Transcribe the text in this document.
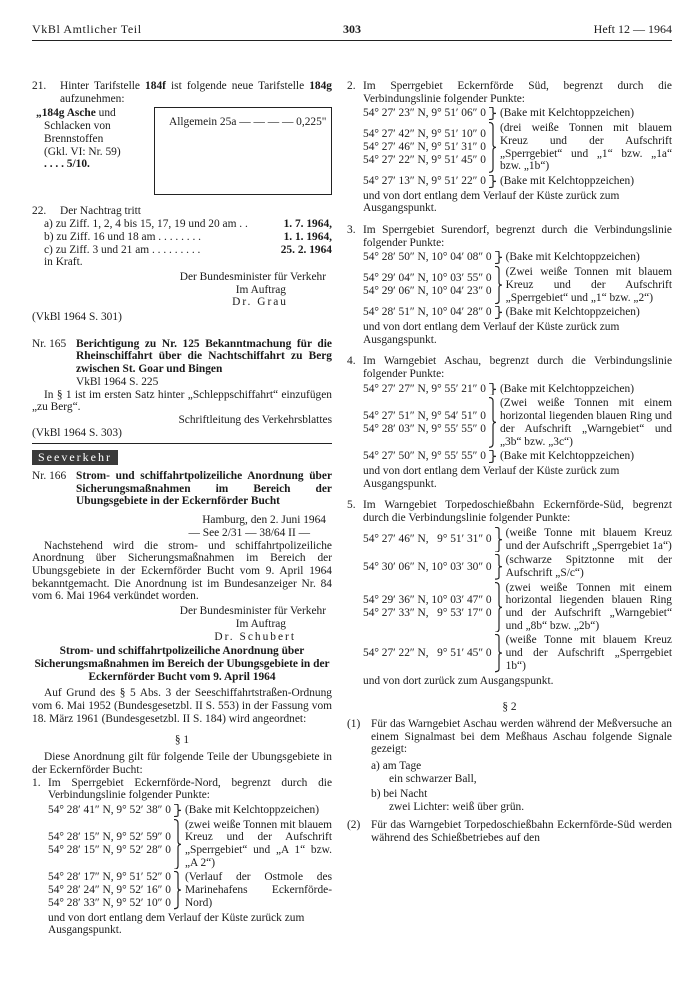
VkBl Amtlicher Teil	303	Heft 12 — 1964
21.	Hinter Tarifstelle 184f ist folgende neue Tarifstelle 184g aufzunehmen:
„184g Asche und
Schlacken von
Brennstoffen
(Gkl. VI: Nr. 59)
. . . . 5/10.
Allgemein 25a — — — — 0,225"
22.	Der Nachtrag tritt
a) zu Ziff. 1, 2, 4 bis 15, 17, 19 und 20 am . .	1. 7. 1964,
b) zu Ziff. 16 und 18 am . . . . . . . .	1. 1. 1964,
c) zu Ziff. 3 und 21 am . . . . . . . . .	25. 2. 1964
in Kraft.
Der Bundesminister für Verkehr
Im Auftrag
Dr. Grau
(VkBl 1964 S. 301)
Nr. 165 Berichtigung zu Nr. 125 Bekanntmachung für die Rheinschiffahrt über die Nachtschiffahrt zu Berg zwischen St. Goar und Bingen
VkBl 1964 S. 225

In § 1 ist im ersten Satz hinter „Schleppschiffahrt“ einzufügen „zu Berg“.

Schriftleitung des Verkehrsblattes
(VkBl 1964 S. 303)
Seeverkehr
Nr. 166 Strom- und schiffahrtpolizeiliche Anordnung über Sicherungsmaßnahmen im Bereich der Ubungsgebiete in der Eckernförder Bucht
Hamburg, den 2. Juni 1964
— See 2/31 — 38/64 II —

Nachstehend wird die strom- und schiffahrtpolizeiliche Anordnung über Sicherungsmaßnahmen im Bereich der Ubungsgebiete in der Eckernförder Bucht vom 9. April 1964 bekanntgemacht. Die Anordnung ist im Bundesanzeiger Nr. 84 vom 6. Mai 1964 verkündet worden.

Der Bundesminister für Verkehr
Im Auftrag
Dr. Schubert

Strom- und schiffahrtpolizeiliche Anordnung über Sicherungsmaßnahmen im Bereich der Ubungsgebiete in der Eckernförder Bucht vom 9. April 1964

Auf Grund des § 5 Abs. 3 der Seeschiffahrtstraßen-Ordnung vom 6. Mai 1952 (Bundesgesetzbl. II S. 553) in der Fassung vom 18. März 1961 (Bundesgesetzbl. II S. 184) wird angeordnet:

§ 1

Diese Anordnung gilt für folgende Teile der Ubungsgebiete in der Eckernförder Bucht:

1. Im Sperrgebiet Eckernförde-Nord, begrenzt durch die Verbindungslinie folgender Punkte:
54° 28′ 41″ N, 9° 52′ 38″ 0 (Bake mit Kelchtoppzeichen)
54° 28′ 15″ N, 9° 52′ 59″ 0
54° 28′ 15″ N, 9° 52′ 28″ 0
(zwei weiße Tonnen mit blauem Kreuz und der Aufschrift „Sperrgebiet“ und „A 1“ bzw. „A 2“)
54° 28′ 17″ N, 9° 51′ 52″ 0
54° 28′ 24″ N, 9° 52′ 16″ 0
54° 28′ 33″ N, 9° 52′ 10″ 0
(Verlauf der Ostmole des Marinehafens Eckernförde-Nord)
und von dort entlang dem Verlauf der Küste zurück zum Ausgangspunkt.
2. Im Sperrgebiet Eckernförde Süd, begrenzt durch die Verbindungslinie folgender Punkte:
54° 27′ 23″ N, 9° 51′ 06″ 0 (Bake mit Kelchtoppzeichen)
54° 27′ 42″ N, 9° 51′ 10″ 0
54° 27′ 46″ N, 9° 51′ 31″ 0
54° 27′ 22″ N, 9° 51′ 45″ 0
(drei weiße Tonnen mit blauem Kreuz und der Aufschrift „Sperrgebiet“ und „1“ bzw. „1a“ bzw. „1b“)
54° 27′ 13″ N, 9° 51′ 22″ 0 (Bake mit Kelchtoppzeichen)
und von dort entlang dem Verlauf der Küste zurück zum Ausgangspunkt.
3. Im Sperrgebiet Surendorf, begrenzt durch die Verbindungslinie folgender Punkte:
54° 28′ 50″ N, 10° 04′ 08″ 0 (Bake mit Kelchtoppzeichen)
54° 29′ 04″ N, 10° 03′ 55″ 0
54° 29′ 06″ N, 10° 04′ 23″ 0
(Zwei weiße Tonnen mit blauem Kreuz und der Aufschrift „Sperrgebiet“ und „1“ bzw. „2“)
54° 28′ 51″ N, 10° 04′ 28″ 0 (Bake mit Kelchtoppzeichen)
und von dort entlang dem Verlauf der Küste zurück zum Ausgangspunkt.
4. Im Warngebiet Aschau, begrenzt durch die Verbindungslinie folgender Punkte:
54° 27′ 27″ N, 9° 55′ 21″ 0 (Bake mit Kelchtoppzeichen)
54° 27′ 51″ N, 9° 54′ 51″ 0
54° 28′ 03″ N, 9° 55′ 55″ 0
(Zwei weiße Tonnen mit einem horizontal liegenden blauen Ring und der Aufschrift „Warngebiet“ und „3b“ bzw. „3c“)
54° 27′ 50″ N, 9° 55′ 55″ 0 (Bake mit Kelchtoppzeichen)
und von dort entlang dem Verlauf der Küste zurück zum Ausgangspunkt.
5. Im Warngebiet Torpedoschießbahn Eckernförde-Süd, begrenzt durch die Verbindungslinie folgender Punkte:
54° 27′ 46″ N,   9° 51′ 31″ 0
(weiße Tonne mit blauem Kreuz und der Aufschrift „Sperrgebiet 1a“)
54° 30′ 06″ N, 10° 03′ 30″ 0
(schwarze Spitztonne mit der Aufschrift „S/c“)
54° 29′ 36″ N, 10° 03′ 47″ 0
54° 27′ 33″ N,   9° 53′ 17″ 0
(zwei weiße Tonnen mit einem horizontal liegenden blauen Ring und der Aufschrift „Warngebiet“ und „8b“ bzw. „2b“)
54° 27′ 22″ N,   9° 51′ 45″ 0
(weiße Tonne mit blauem Kreuz und der Aufschrift „Sperrgebiet 1b“)
und von dort zurück zum Ausgangspunkt.
§ 2
(1) Für das Warngebiet Aschau werden während der Meßversuche an einem Signalmast bei dem Meßhaus Aschau folgende Signale gezeigt:
a) am Tage
ein schwarzer Ball,
b) bei Nacht
zwei Lichter: weiß über grün.
(2) Für das Warngebiet Torpedoschießbahn Eckernförde-Süd werden während des Schießbetriebes auf den
